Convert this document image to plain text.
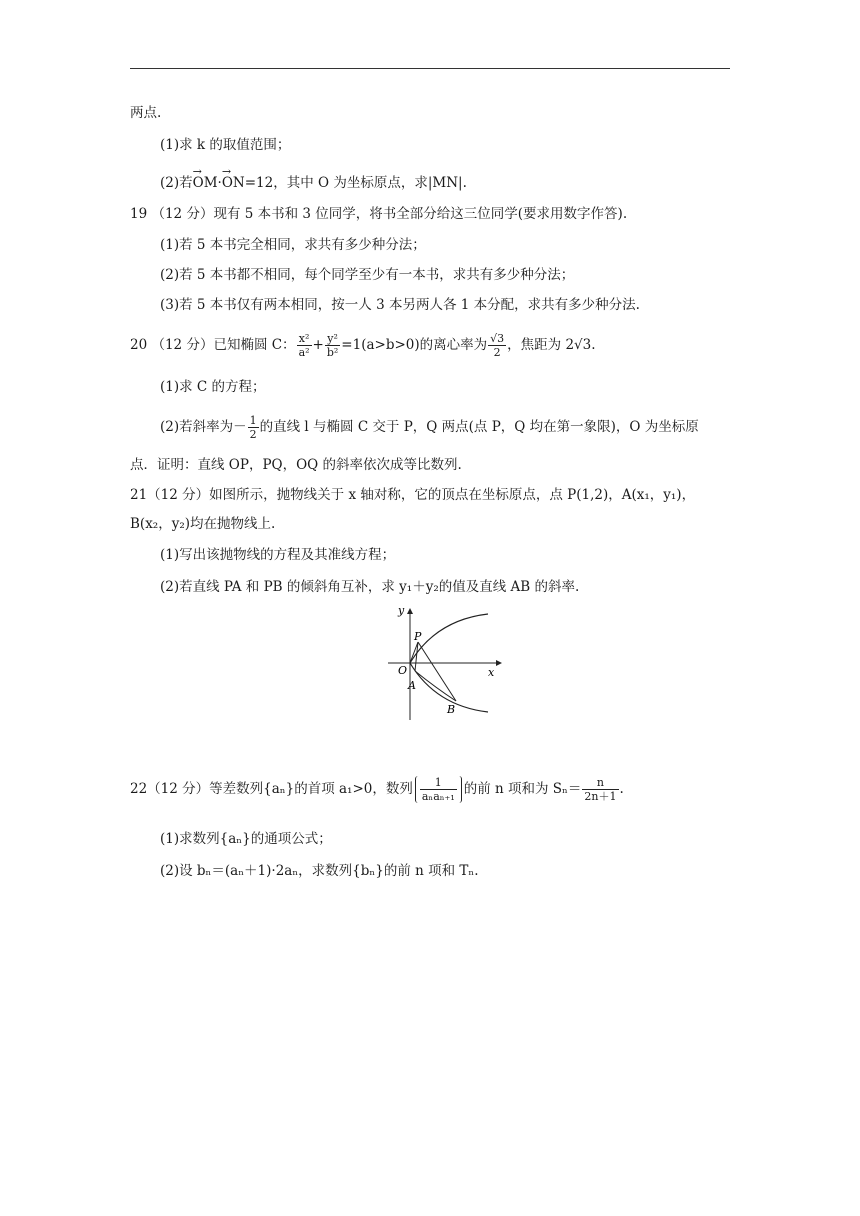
两点.
(1)求 k 的取值范围；
(2)若→ OM·→ ON=12，其中 O 为坐标原点，求|MN|.
19 （12 分）现有 5 本书和 3 位同学，将书全部分给这三位同学(要求用数字作答).
(1)若 5 本书完全相同，求共有多少种分法；
(2)若 5 本书都不相同，每个同学至少有一本书，求共有多少种分法；
(3)若 5 本书仅有两本相同，按一人 3 本另两人各 1 本分配，求共有多少种分法.
20 （12 分）已知椭圆 C： $\frac{\text{x²}}{\text{a²}} + \frac{\text{y²}}{\text{b²}} =1(a>b>0)$的离心率为 $\frac{√3}{2}$ ，焦距为 2√3.
(1)求 C 的方程；
(2)若斜率为－ $\frac{1}{2}$ 的直线 l 与椭圆 C 交于 P，Q 两点(点 P，Q 均在第一象限)，O 为坐标原
点．证明：直线 OP，PQ，OQ 的斜率依次成等比数列.
21（12 分）如图所示，抛物线关于 x 轴对称，它的顶点在坐标原点，点 P(1,2)，A(x₁，y₁)，
B(x₂，y₂)均在抛物线上.
(1)写出该抛物线的方程及其准线方程；
(2)若直线 PA 和 PB 的倾斜角互补，求 y₁＋y₂的值及直线 AB 的斜率.
y
x
O
P
A
B
22（12 分）等差数列{aₙ}的首项 a₁>0，数列 $\frac{1}{\text{aₙaₙ₊₁}}$ 的前 n 项和为 $S_n= \frac{n}{2n+1}$ .
(1)求数列{aₙ}的通项公式；
(2)设 bₙ＝(aₙ＋1)·2aₙ，求数列{bₙ}的前 n 项和 Tₙ.
